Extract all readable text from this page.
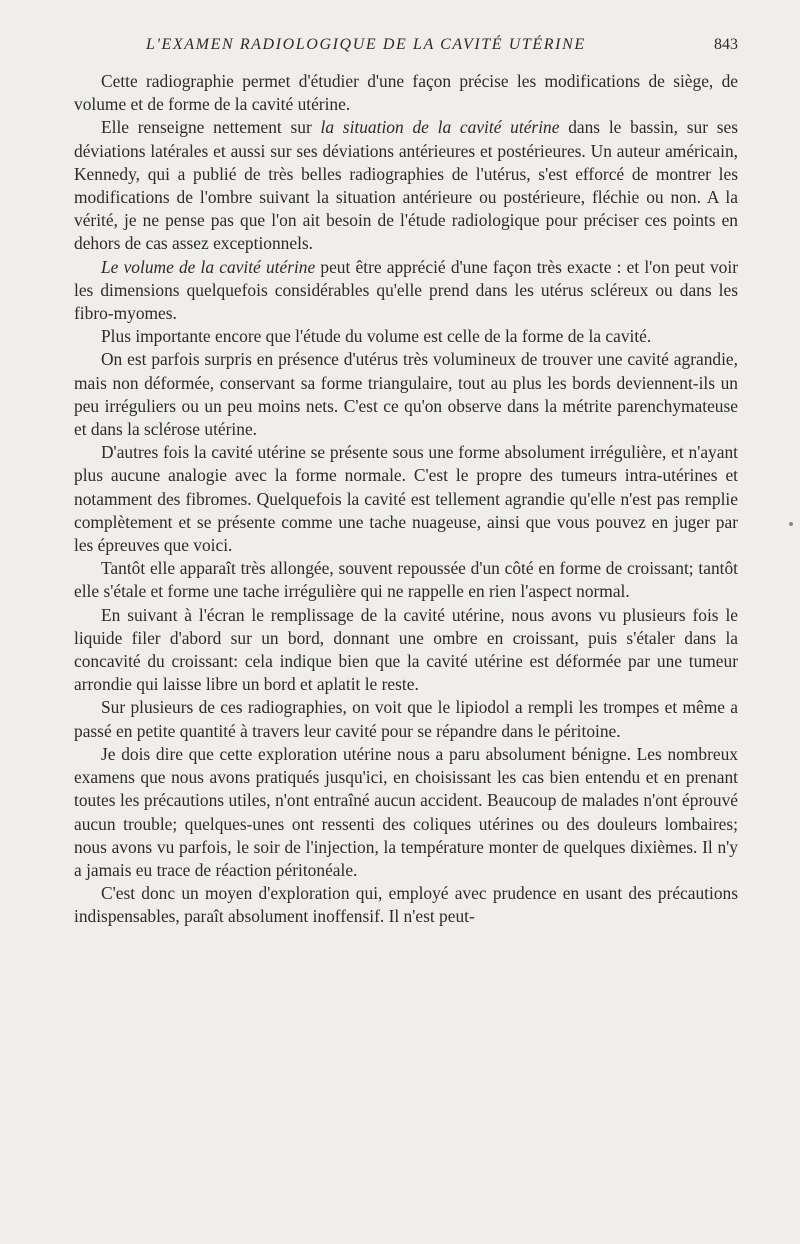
L'EXAMEN RADIOLOGIQUE DE LA CAVITÉ UTÉRINE	843

Cette radiographie permet d'étudier d'une façon précise les modifications de siège, de volume et de forme de la cavité utérine.

Elle renseigne nettement sur la situation de la cavité utérine dans le bassin, sur ses déviations latérales et aussi sur ses déviations antérieures et postérieures. Un auteur américain, Kennedy, qui a publié de très belles radiographies de l'utérus, s'est efforcé de montrer les modifications de l'ombre suivant la situation antérieure ou postérieure, fléchie ou non. A la vérité, je ne pense pas que l'on ait besoin de l'étude radiologique pour préciser ces points en dehors de cas assez exceptionnels.

Le volume de la cavité utérine peut être apprécié d'une façon très exacte : et l'on peut voir les dimensions quelquefois considérables qu'elle prend dans les utérus scléreux ou dans les fibro-myomes.

Plus importante encore que l'étude du volume est celle de la forme de la cavité.

On est parfois surpris en présence d'utérus très volumineux de trouver une cavité agrandie, mais non déformée, conservant sa forme triangulaire, tout au plus les bords deviennent-ils un peu irréguliers ou un peu moins nets. C'est ce qu'on observe dans la métrite parenchymateuse et dans la sclérose utérine.

D'autres fois la cavité utérine se présente sous une forme absolument irrégulière, et n'ayant plus aucune analogie avec la forme normale. C'est le propre des tumeurs intra-utérines et notamment des fibromes. Quelquefois la cavité est tellement agrandie qu'elle n'est pas remplie complètement et se présente comme une tache nuageuse, ainsi que vous pouvez en juger par les épreuves que voici.

Tantôt elle apparaît très allongée, souvent repoussée d'un côté en forme de croissant; tantôt elle s'étale et forme une tache irrégulière qui ne rappelle en rien l'aspect normal.

En suivant à l'écran le remplissage de la cavité utérine, nous avons vu plusieurs fois le liquide filer d'abord sur un bord, donnant une ombre en croissant, puis s'étaler dans la concavité du croissant: cela indique bien que la cavité utérine est déformée par une tumeur arrondie qui laisse libre un bord et aplatit le reste.

Sur plusieurs de ces radiographies, on voit que le lipiodol a rempli les trompes et même a passé en petite quantité à travers leur cavité pour se répandre dans le péritoine.

Je dois dire que cette exploration utérine nous a paru absolument bénigne. Les nombreux examens que nous avons pratiqués jusqu'ici, en choisissant les cas bien entendu et en prenant toutes les précautions utiles, n'ont entraîné aucun accident. Beaucoup de malades n'ont éprouvé aucun trouble; quelques-unes ont ressenti des coliques utérines ou des douleurs lombaires; nous avons vu parfois, le soir de l'injection, la température monter de quelques dixièmes. Il n'y a jamais eu trace de réaction péritonéale.

C'est donc un moyen d'exploration qui, employé avec prudence en usant des précautions indispensables, paraît absolument inoffensif. Il n'est peut-
